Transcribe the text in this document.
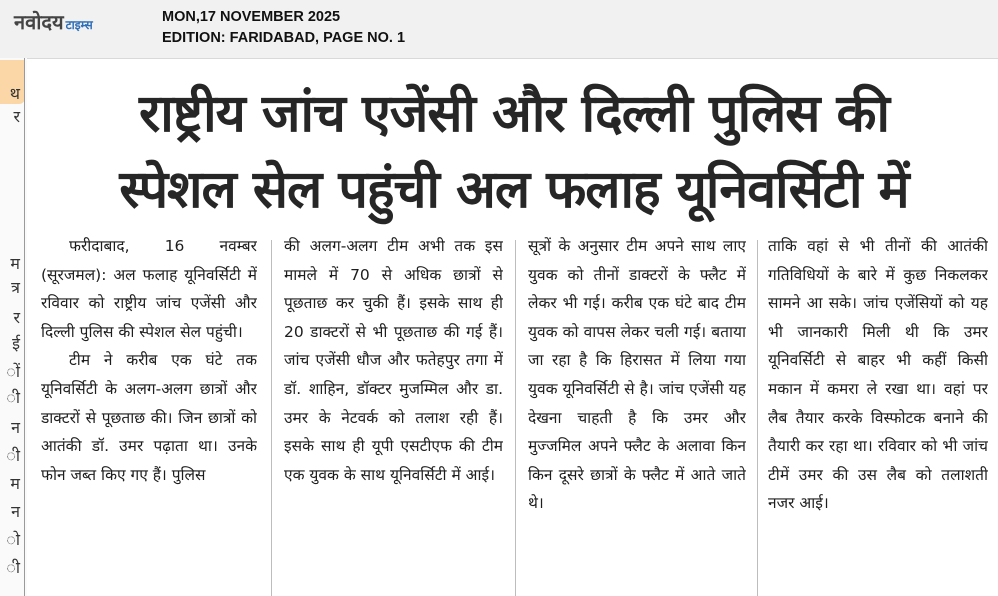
नवोदय टाइम्स	MON,17 NOVEMBER 2025
EDITION: FARIDABAD, PAGE NO. 1
थ
र
म
त्र
र
ई
ों
ी
न
ी
म
न
ो
ी
राष्ट्रीय जांच एजेंसी और दिल्ली पुलिस की
स्पेशल सेल पहुंची अल फलाह यूनिवर्सिटी में

फरीदाबाद, 16 नवम्बर (सूरजमल): अल फलाह यूनिवर्सिटी में रविवार को राष्ट्रीय जांच एजेंसी और दिल्ली पुलिस की स्पेशल सेल पहुंची।

टीम ने करीब एक घंटे तक यूनिवर्सिटी के अलग-अलग छात्रों और डाक्टरों से पूछताछ की। जिन छात्रों को आतंकी डॉ. उमर पढ़ाता था। उनके फोन जब्त किए गए हैं। पुलिस

की अलग-अलग टीम अभी तक इस मामले में 70 से अधिक छात्रों से पूछताछ कर चुकी हैं। इसके साथ ही 20 डाक्टरों से भी पूछताछ की गई हैं। जांच एजेंसी धौज और फतेहपुर तगा में डॉ. शाहिन, डॉक्टर मुजम्मिल और डा. उमर के नेटवर्क को तलाश रही हैं। इसके साथ ही यूपी एसटीएफ की टीम एक युवक के साथ यूनिवर्सिटी में आई।

सूत्रों के अनुसार टीम अपने साथ लाए युवक को तीनों डाक्टरों के फ्लैट में लेकर भी गई। करीब एक घंटे बाद टीम युवक को वापस लेकर चली गई। बताया जा रहा है कि हिरासत में लिया गया युवक यूनिवर्सिटी से है। जांच एजेंसी यह देखना चाहती है कि उमर और मुज्जमिल अपने फ्लैट के अलावा किन किन दूसरे छात्रों के फ्लैट में आते जाते थे।

ताकि वहां से भी तीनों की आतंकी गतिविधियों के बारे में कुछ निकलकर सामने आ सके। जांच एजेंसियों को यह भी जानकारी मिली थी कि उमर यूनिवर्सिटी से बाहर भी कहीं किसी मकान में कमरा ले रखा था। वहां पर लैब तैयार करके विस्फोटक बनाने की तैयारी कर रहा था। रविवार को भी जांच टीमें उमर की उस लैब को तलाशती नजर आई।
